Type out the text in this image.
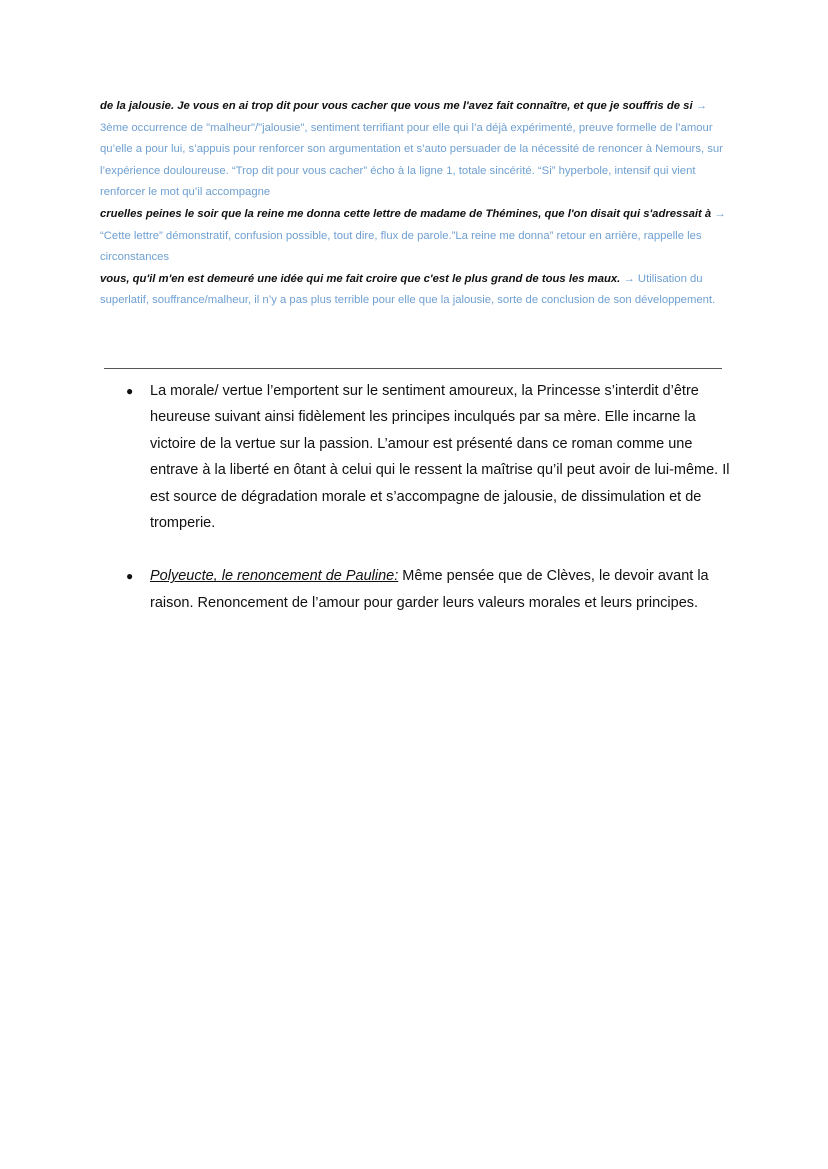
de la jalousie. Je vous en ai trop dit pour vous cacher que vous me l'avez fait connaître, et que je souffris de si → 3ème occurrence de "malheur"/"jalousie", sentiment terrifiant pour elle qui l’a déjà expérimenté, preuve formelle de l’amour qu’elle a pour lui, s’appuis pour renforcer son argumentation et s’auto persuader de la nécessité de renoncer à Nemours, sur l’expérience douloureuse. “Trop dit pour vous cacher” écho à la ligne 1, totale sincérité. “Si” hyperbole, intensif qui vient renforcer le mot qu’il accompagne

cruelles peines le soir que la reine me donna cette lettre de madame de Thémines, que l'on disait qui s'adressait à → “Cette lettre” démonstratif, confusion possible, tout dire, flux de parole.”La reine me donna” retour en arrière, rappelle les circonstances

vous, qu'il m'en est demeuré une idée qui me fait croire que c'est le plus grand de tous les maux. → Utilisation du superlatif, souffrance/malheur, il n’y a pas plus terrible pour elle que la jalousie, sorte de conclusion de son développement.

● La morale/ vertue l’emportent sur le sentiment amoureux, la Princesse s’interdit d’être heureuse suivant ainsi fidèlement les principes inculqués par sa mère. Elle incarne la victoire de la vertue sur la passion. L’amour est présenté dans ce roman comme une entrave à la liberté en ôtant à celui qui le ressent la maîtrise qu’il peut avoir de lui-même. Il est source de dégradation morale et s’accompagne de jalousie, de dissimulation et de tromperie.
● Polyeucte, le renoncement de Pauline: Même pensée que de Clèves, le devoir avant la raison. Renoncement de l’amour pour garder leurs valeurs morales et leurs principes.
